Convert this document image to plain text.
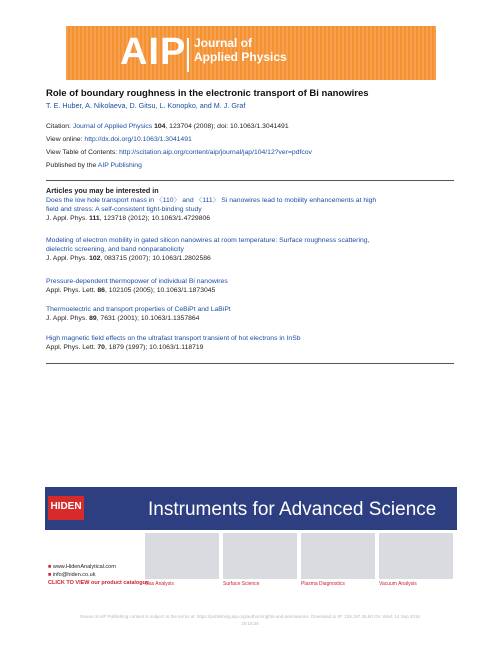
AIP Journal of
Applied Physics
Role of boundary roughness in the electronic transport of Bi nanowires
T. E. Huber, A. Nikolaeva, D. Gitsu, L. Konopko, and M. J. Graf
Citation: Journal of Applied Physics 104, 123704 (2008); doi: 10.1063/1.3041491
View online: http://dx.doi.org/10.1063/1.3041491
View Table of Contents: http://scitation.aip.org/content/aip/journal/jap/104/12?ver=pdfcov
Published by the AIP Publishing
Articles you may be interested in
Does the low hole transport mass in 〈110〉 and 〈111〉 Si nanowires lead to mobility enhancements at high
field and stress: A self-consistent tight-binding study
J. Appl. Phys. 111, 123718 (2012); 10.1063/1.4729806
Modeling of electron mobility in gated silicon nanowires at room temperature: Surface roughness scattering,
dielectric screening, and band nonparabolicity
J. Appl. Phys. 102, 083715 (2007); 10.1063/1.2802586
Pressure-dependent thermopower of individual Bi nanowires
Appl. Phys. Lett. 86, 102105 (2005); 10.1063/1.1873045
Thermoelectric and transport properties of CeBiPt and LaBiPt
J. Appl. Phys. 89, 7631 (2001); 10.1063/1.1357864
High magnetic field effects on the ultrafast transport transient of hot electrons in InSb
Appl. Phys. Lett. 70, 1879 (1997); 10.1063/1.118719
HIDEN	Instruments for Advanced Science
■ www.HidenAnalytical.com
■ info@hiden.co.uk
CLICK TO VIEW our product catalogue
Gas Analysis	Surface Science	Plasma Diagnostics	Vacuum Analysis
Reuse of AIP Publishing content is subject to the terms at: https://publishing.aip.org/authors/rights-and-permissions. Download to IP: 128.197.26.60 On: Wed, 14 Sep 2016
20:18:46
